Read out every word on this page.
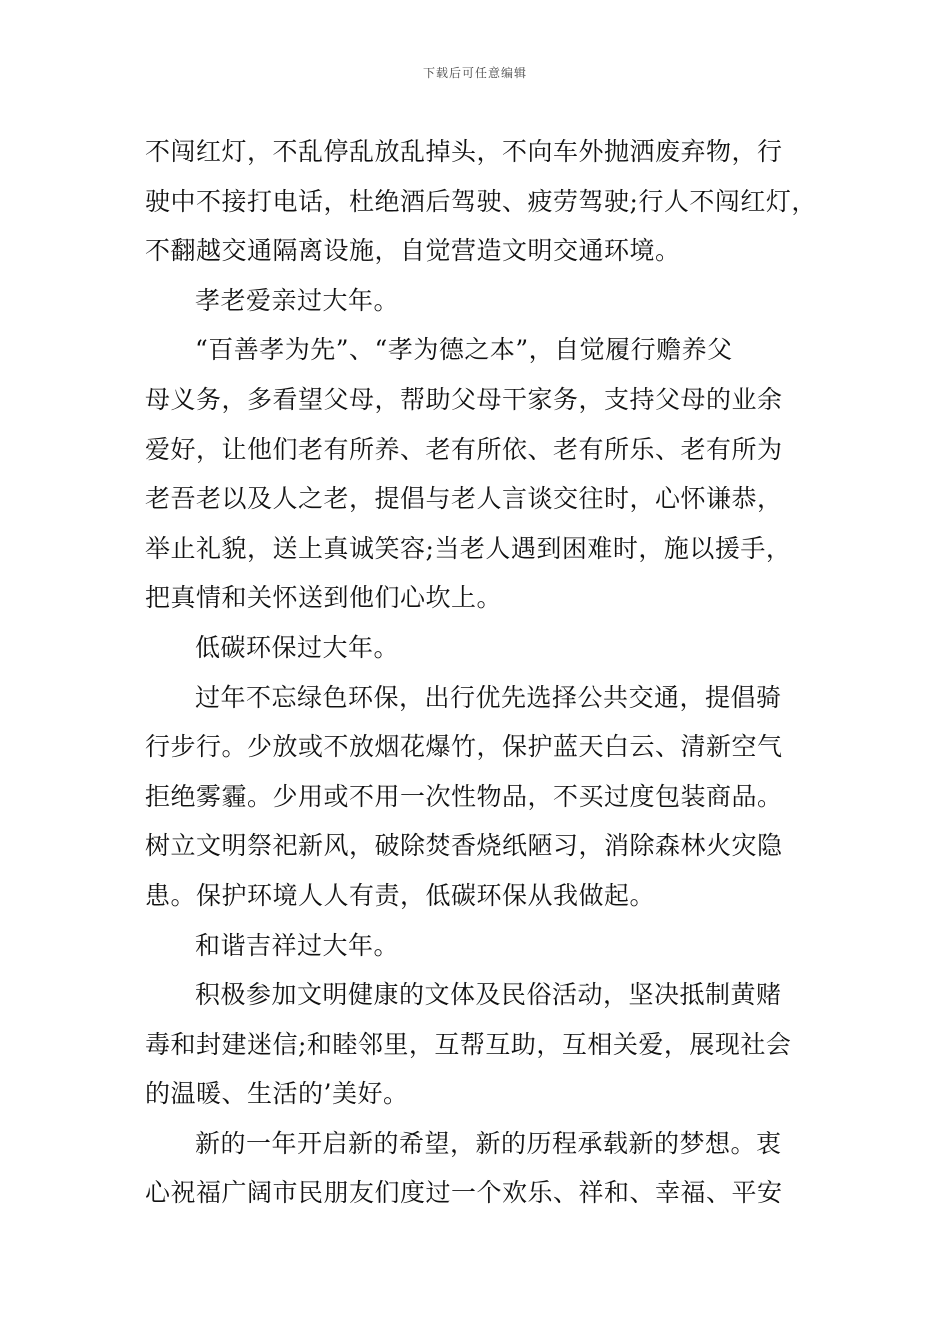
下载后可任意编辑
不闯红灯，不乱停乱放乱掉头，不向车外抛洒废弃物，行
驶中不接打电话，杜绝酒后驾驶、疲劳驾驶;行人不闯红灯，
不翻越交通隔离设施，自觉营造文明交通环境。
孝老爱亲过大年。
“百善孝为先”、“孝为德之本”，自觉履行赡养父
母义务，多看望父母，帮助父母干家务，支持父母的业余
爱好，让他们老有所养、老有所依、老有所乐、老有所为
老吾老以及人之老，提倡与老人言谈交往时，心怀谦恭，
举止礼貌，送上真诚笑容;当老人遇到困难时，施以援手，
把真情和关怀送到他们心坎上。
低碳环保过大年。
过年不忘绿色环保，出行优先选择公共交通，提倡骑
行步行。少放或不放烟花爆竹，保护蓝天白云、清新空气
拒绝雾霾。少用或不用一次性物品，不买过度包装商品。
树立文明祭祀新风，破除焚香烧纸陋习，消除森林火灾隐
患。保护环境人人有责，低碳环保从我做起。
和谐吉祥过大年。
积极参加文明健康的文体及民俗活动，坚决抵制黄赌
毒和封建迷信;和睦邻里，互帮互助，互相关爱，展现社会
的温暖、生活的’美好。
新的一年开启新的希望，新的历程承载新的梦想。衷
心祝福广阔市民朋友们度过一个欢乐、祥和、幸福、平安
